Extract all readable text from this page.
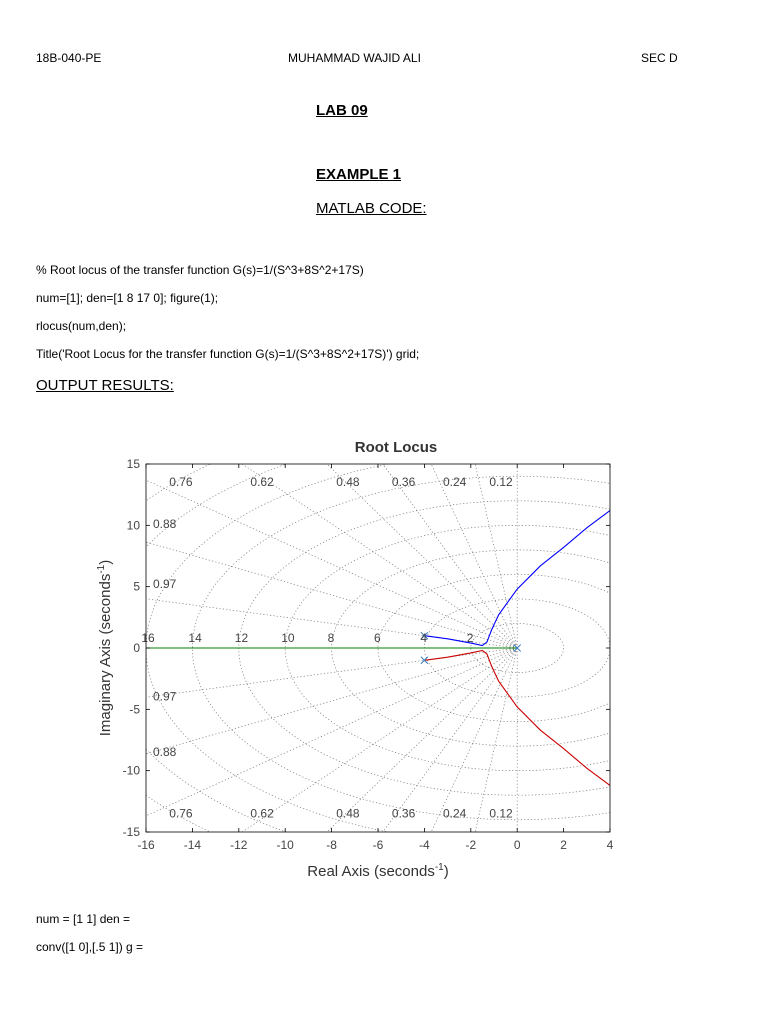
18B-040-PE	MUHAMMAD WAJID ALI	SEC D
LAB 09
EXAMPLE 1
MATLAB CODE:
% Root locus of the transfer function G(s)=1/(S^3+8S^2+17S)
num=[1]; den=[1 8 17 0]; figure(1);
rlocus(num,den);
Title('Root Locus for the transfer function G(s)=1/(S^3+8S^2+17S)') grid;
OUTPUT RESULTS:
-16 -14 -12 -10	-8	-6	-4	-2	0	2	4
-15
-10
-5
0
5
10
15
0.76	0.62	0.48	0.36 0.24 0.12
0.76	0.62	0.48	0.36 0.24 0.12
0.88
0.97
0.97
0.88
16	14	12	10	8	6	4	2
Root Locus
Real Axis (seconds$^{-1}$)
Imaginary Axis (seconds$^{-1}$)
num = [1 1] den =
conv([1 0],[.5 1]) g =
